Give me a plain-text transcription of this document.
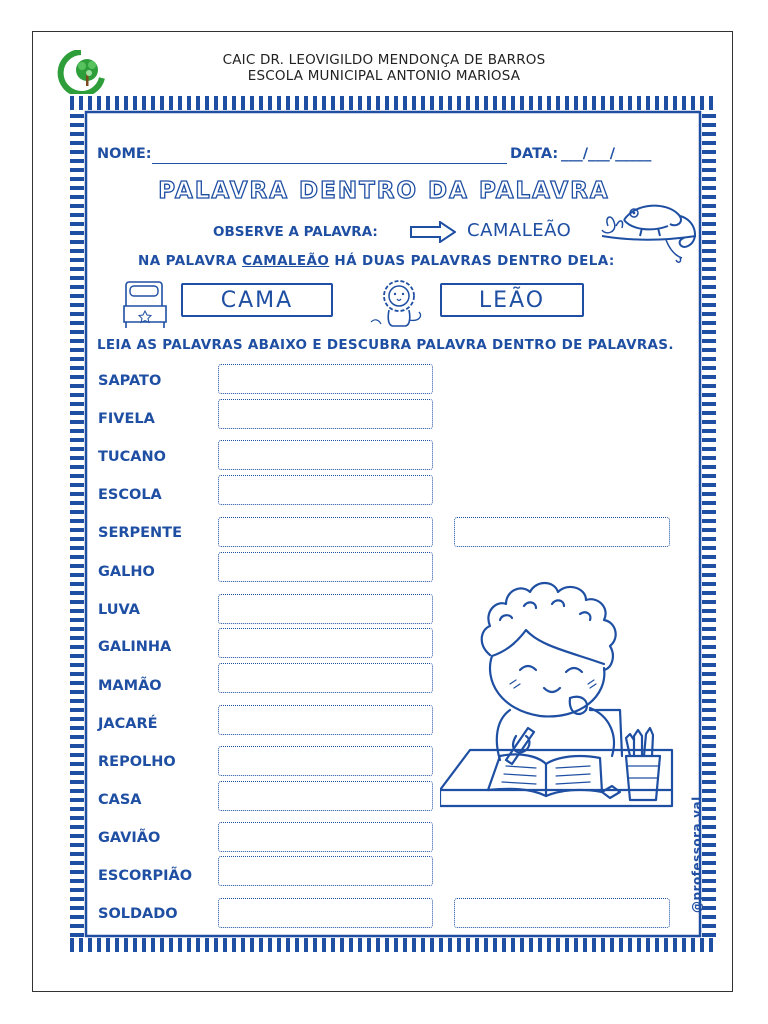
CAIC DR. LEOVIGILDO MENDONÇA DE BARROS
ESCOLA MUNICIPAL ANTONIO MARIOSA
NOME:	DATA: ___/___/_____
PALAVRA DENTRO DA PALAVRA
OBSERVE A PALAVRA:	CAMALEÃO
NA PALAVRA CAMALEÃO HÁ DUAS PALAVRAS DENTRO DELA:
CAMA	LEÃO
LEIA AS PALAVRAS ABAIXO E DESCUBRA PALAVRA DENTRO DE PALAVRAS.
SAPATO
FIVELA
TUCANO
ESCOLA
SERPENTE
GALHO
LUVA
GALINHA
MAMÃO
JACARÉ
REPOLHO
CASA
GAVIÃO
ESCORPIÃO
SOLDADO
@professora.val
